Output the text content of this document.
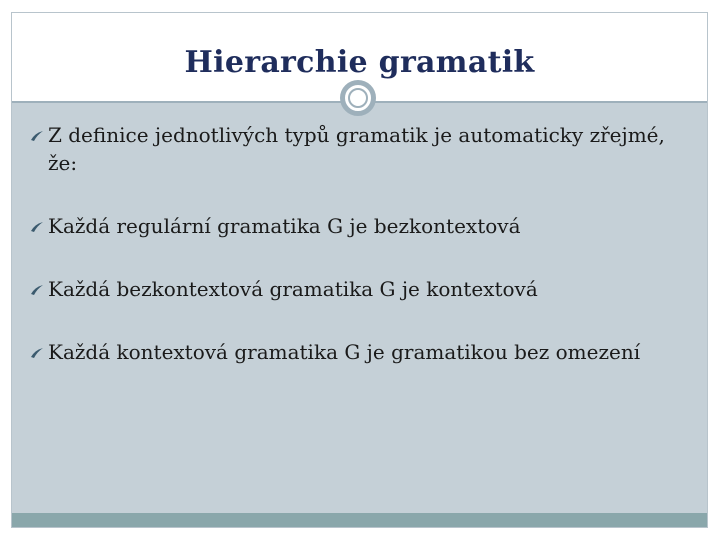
Hierarchie gramatik
Z definice jednotlivých typů gramatik je automaticky zřejmé, že:
Každá regulární gramatika G je bezkontextová
Každá bezkontextová gramatika G je kontextová
Každá kontextová gramatika G je gramatikou bez omezení
